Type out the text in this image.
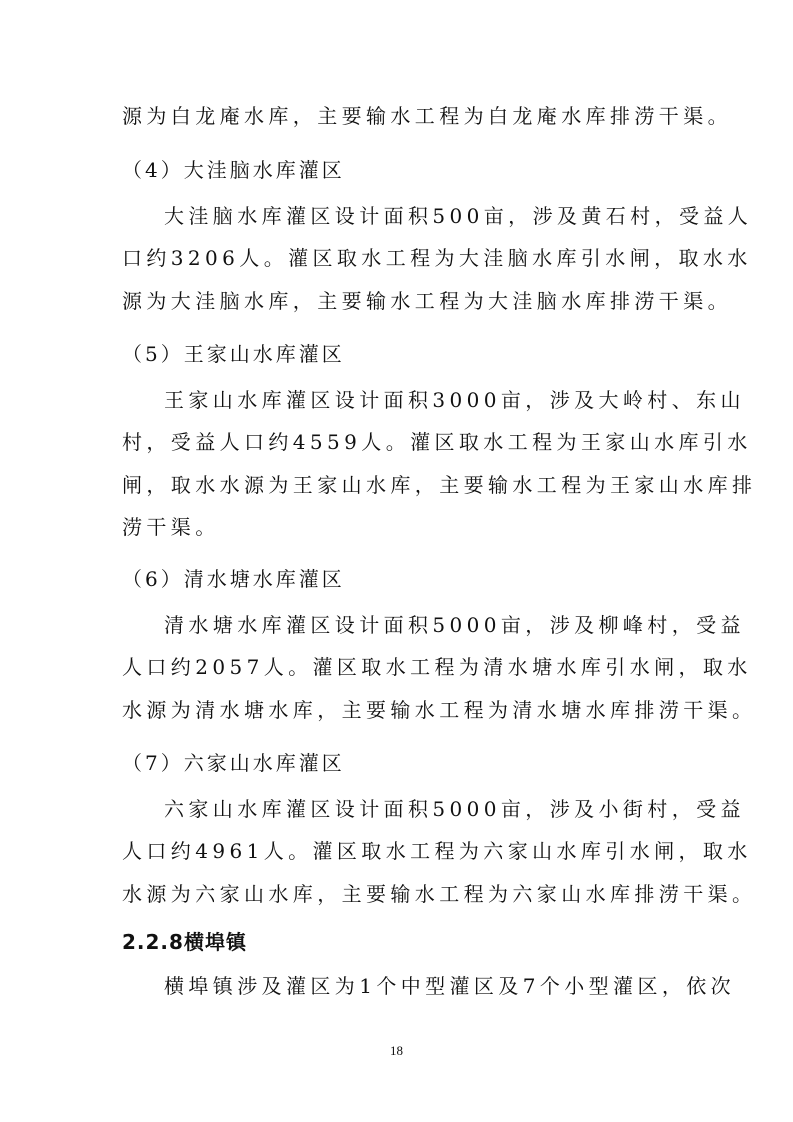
源为白龙庵水库，主要输水工程为白龙庵水库排涝干渠。
（4）大洼脑水库灌区
大洼脑水库灌区设计面积500亩，涉及黄石村，受益人
口约3206人。灌区取水工程为大洼脑水库引水闸，取水水
源为大洼脑水库，主要输水工程为大洼脑水库排涝干渠。
（5）王家山水库灌区
王家山水库灌区设计面积3000亩，涉及大岭村、东山
村，受益人口约4559人。灌区取水工程为王家山水库引水
闸，取水水源为王家山水库，主要输水工程为王家山水库排
涝干渠。
（6）清水塘水库灌区
清水塘水库灌区设计面积5000亩，涉及柳峰村，受益
人口约2057人。灌区取水工程为清水塘水库引水闸，取水
水源为清水塘水库，主要输水工程为清水塘水库排涝干渠。
（7）六家山水库灌区
六家山水库灌区设计面积5000亩，涉及小街村，受益
人口约4961人。灌区取水工程为六家山水库引水闸，取水
水源为六家山水库，主要输水工程为六家山水库排涝干渠。
2.2.8横埠镇
横埠镇涉及灌区为1个中型灌区及7个小型灌区，依次
18
